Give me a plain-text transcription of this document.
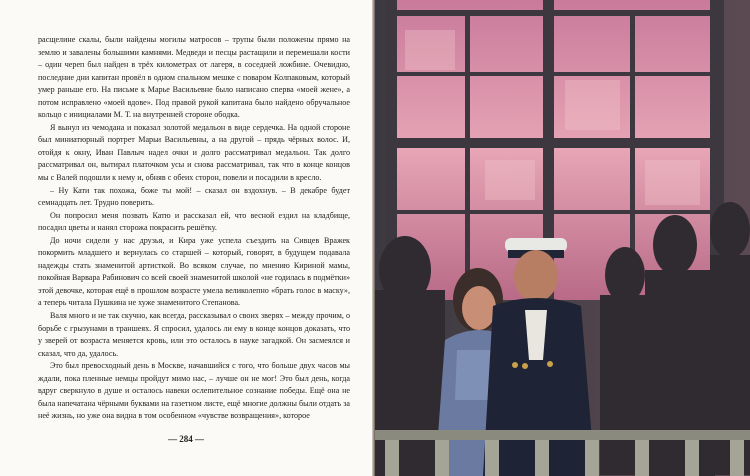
расщелине скалы, были найдены могилы матросов – трупы были положены прямо на землю и завалены большими камнями. Медведи и песцы растащили и перемешали кости – один череп был найден в трёх километрах от лагеря, в соседней ложбине. Очевидно, последние дни капитан провёл в одном спальном мешке с поваром Колпаковым, который умер раньше его. На письме к Марье Васильевне было написано сперва «моей жене», а потом исправлено «моей вдове». Под правой рукой капитана было найдено обручальное кольцо с инициалами М. Т. на внутренней стороне ободка.

Я вынул из чемодана и показал золотой медальон в виде сердечка. На одной стороне был миниатюрный портрет Марьи Васильевны, а на другой – прядь чёрных волос. И, отойдя к окну, Иван Павлыч надел очки и долго рассматривал медальон. Так долго рассматривал он, вытирал платочком усы и снова рассматривал, так что в конце концов мы с Валей подошли к нему и, обняв с обеих сторон, повели и посадили в кресло.

– Ну Кати так похожа, боже ты мой! – сказал он вздохнув. – В декабре будет семнадцать лет. Трудно поверить.

Он попросил меня позвать Катю и рассказал ей, что весной ездил на кладбище, посадил цветы и нанял сторожа покрасить решётку.

До ночи сидели у нас друзья, и Кира уже успела съездить на Сивцев Вражек покормить младшего и вернулась со старшей – который, говорят, в будущем подавала надежды стать знаменитой артисткой. Во всяком случае, по мнению Кириной мамы, покойная Варвара Рабинович со всей своей знаменитой школой «не годилась в подмётки» этой девочке, которая ещё в прошлом возрасте умела великолепно «брать голос в маску», а теперь читала Пушкина не хуже знаменитого Степанова.

Валя много и не так скучно, как всегда, рассказывал о своих зверях – между прочим, о борьбе с грызунами в траншеях. Я спросил, удалось ли ему в конце концов доказать, что у зверей от возраста меняется кровь, или это осталось в науке загадкой. Он засмеялся и сказал, что да, удалось.

Это был превосходный день в Москве, начавшийся с того, что больше двух часов мы ждали, пока пленные немцы пройдут мимо нас, – лучше он не мог! Это был день, когда вдруг сверкнуло в душе и осталось навеки ослепительное сознание победы. Ещё она не была напечатана чёрными буквами на газетном листе, ещё многие должны были отдать за неё жизнь, но уже она видна в том особенном «чувстве возвращения», которое

— 284 —
